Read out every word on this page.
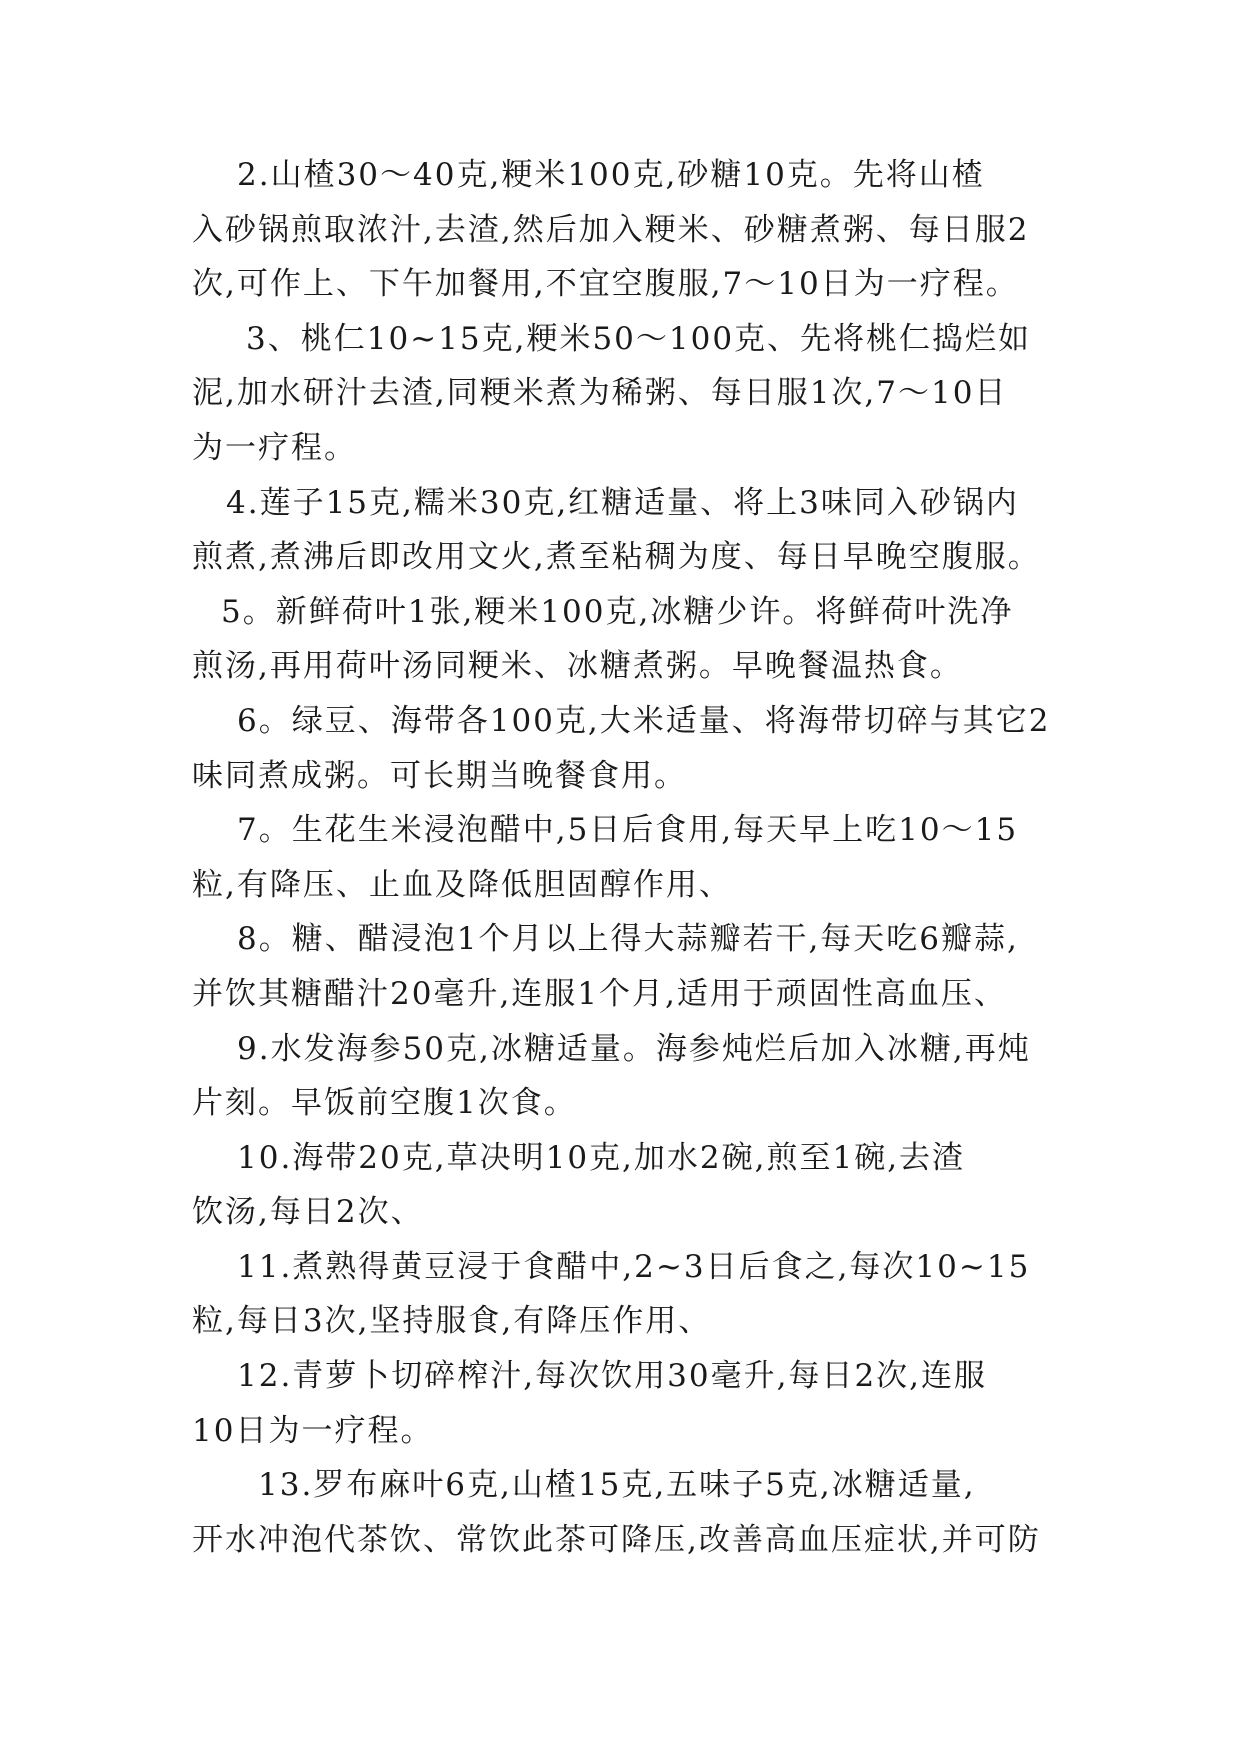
2.山楂30～40克,粳米100克,砂糖10克。先将山楂
入砂锅煎取浓汁,去渣,然后加入粳米、砂糖煮粥、每日服2
次,可作上、下午加餐用,不宜空腹服,7～10日为一疗程。
3、桃仁10~15克,粳米50～100克、先将桃仁捣烂如
泥,加水研汁去渣,同粳米煮为稀粥、每日服1次,7～10日
为一疗程。
4.莲子15克,糯米30克,红糖适量、将上3味同入砂锅内
煎煮,煮沸后即改用文火,煮至粘稠为度、每日早晚空腹服。
5。新鲜荷叶1张,粳米100克,冰糖少许。将鲜荷叶洗净
煎汤,再用荷叶汤同粳米、冰糖煮粥。早晚餐温热食。
6。绿豆、海带各100克,大米适量、将海带切碎与其它2
味同煮成粥。可长期当晚餐食用。
7。生花生米浸泡醋中,5日后食用,每天早上吃10～15
粒,有降压、止血及降低胆固醇作用、
8。糖、醋浸泡1个月以上得大蒜瓣若干,每天吃6瓣蒜,
并饮其糖醋汁20毫升,连服1个月,适用于顽固性高血压、
9.水发海参50克,冰糖适量。海参炖烂后加入冰糖,再炖
片刻。早饭前空腹1次食。
10.海带20克,草决明10克,加水2碗,煎至1碗,去渣
饮汤,每日2次、
11.煮熟得黄豆浸于食醋中,2~3日后食之,每次10~15
粒,每日3次,坚持服食,有降压作用、
12.青萝卜切碎榨汁,每次饮用30毫升,每日2次,连服
10日为一疗程。
13.罗布麻叶6克,山楂15克,五味子5克,冰糖适量,
开水冲泡代茶饮、常饮此茶可降压,改善高血压症状,并可防
